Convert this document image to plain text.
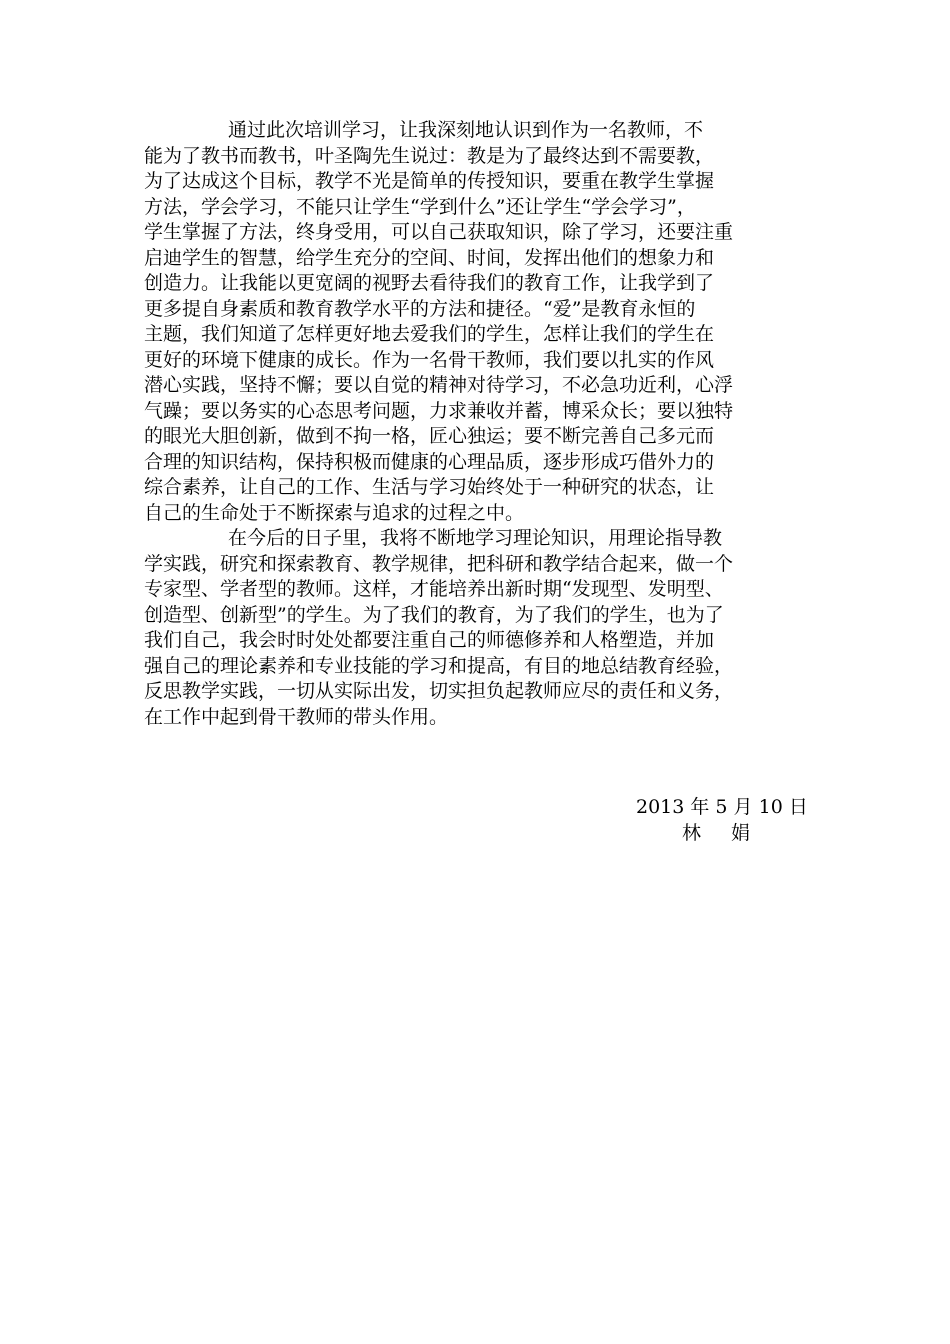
通过此次培训学习，让我深刻地认识到作为一名教师，不
能为了教书而教书，叶圣陶先生说过：教是为了最终达到不需要教，
为了达成这个目标，教学不光是简单的传授知识，要重在教学生掌握
方法，学会学习，不能只让学生“学到什么”还让学生“学会学习”，
学生掌握了方法，终身受用，可以自己获取知识，除了学习，还要注重
启迪学生的智慧，给学生充分的空间、时间，发挥出他们的想象力和
创造力。让我能以更宽阔的视野去看待我们的教育工作，让我学到了
更多提自身素质和教育教学水平的方法和捷径。“爱”是教育永恒的
主题，我们知道了怎样更好地去爱我们的学生，怎样让我们的学生在
更好的环境下健康的成长。作为一名骨干教师，我们要以扎实的作风
潜心实践，坚持不懈；要以自觉的精神对待学习，不必急功近利，心浮
气躁；要以务实的心态思考问题，力求兼收并蓄，博采众长；要以独特
的眼光大胆创新，做到不拘一格，匠心独运；要不断完善自己多元而
合理的知识结构，保持积极而健康的心理品质，逐步形成巧借外力的
综合素养，让自己的工作、生活与学习始终处于一种研究的状态，让
自己的生命处于不断探索与追求的过程之中。
在今后的日子里，我将不断地学习理论知识，用理论指导教
学实践，研究和探索教育、教学规律，把科研和教学结合起来，做一个
专家型、学者型的教师。这样，才能培养出新时期“发现型、发明型、
创造型、创新型”的学生。为了我们的教育，为了我们的学生，也为了
我们自己，我会时时处处都要注重自己的师德修养和人格塑造，并加
强自己的理论素养和专业技能的学习和提高，有目的地总结教育经验，
反思教学实践，一切从实际出发，切实担负起教师应尽的责任和义务，
在工作中起到骨干教师的带头作用。
2013 年 5 月 10 日
林娟
